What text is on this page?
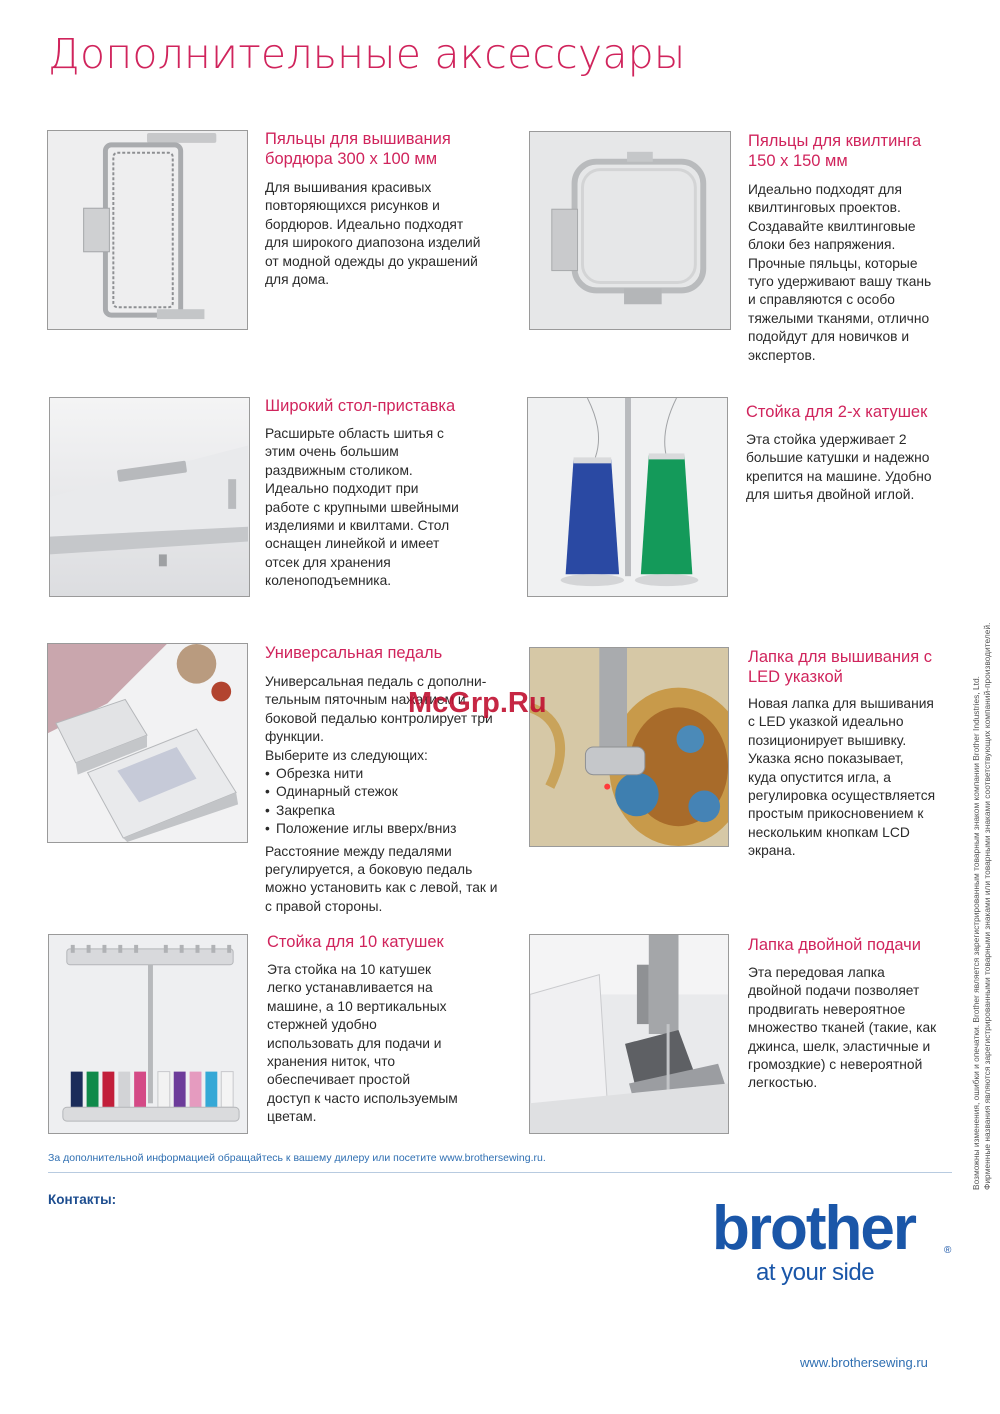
Дополнительные аксессуары
Пяльцы для вышивания
бордюра 300 х 100 мм

Для вышивания красивых

повторяющихся рисунков и

бордюров. Идеально подходят

для широкого диапозона изделий

от модной одежды до украшений

для дома.

Пяльцы для квилтинга
150 х 150 мм

Идеально подходят для

квилтинговых проектов.

Создавайте квилтинговые

блоки без напряжения.

Прочные пяльцы, которые

туго удерживают вашу ткань

и справляются с особо

тяжелыми тканями, отлично

подойдут для новичков и

экспертов.

Широкий стол-приставка

Расширьте область шитья с

этим очень большим

раздвижным столиком.

Идеально подходит при

работе с крупными швейными

изделиями и квилтами. Стол

оснащен линейкой и имеет

отсек для хранения

коленоподъемника.

Стойка для 2-х катушек

Эта стойка удерживает 2

большие катушки и надежно

крепится на машине. Удобно

для шитья двойной иглой.

Универсальная педаль

Универсальная педаль с дополни-

тельным пяточным нажатием и

боковой педалью контролирует три

функции.

Выберите из следующих:

• Обрезка нити
• Одинарный стежок
• Закрепка
• Положение иглы вверх/вниз

Расстояние между педалями

регулируется, а боковую педаль

можно установить как с левой, так и

с правой стороны.

Лапка для вышивания с
LED указкой

Новая лапка для вышивания

с LED указкой идеально

позиционирует вышивку.

Указка ясно показывает,

куда опустится игла, а

регулировка осуществляется

простым прикосновением к

нескольким кнопкам LCD

экрана.

Стойка для 10 катушек

Эта стойка на 10 катушек

легко устанавливается на

машине, а 10 вертикальных

стержней удобно

использовать для подачи и

хранения ниток, что

обеспечивает простой

доступ к часто используемым

цветам.

Лапка двойной подачи

Эта передовая лапка

двойной подачи позволяет

продвигать невероятное

множество тканей (такие, как

джинса, шелк, эластичные и

громоздкие) с невероятной

легкостью.

McGrp.Ru
За дополнительной информацией обращайтесь к вашему дилеру или посетите www.brothersewing.ru.
Контакты:	brother	®
at your side
www.brothersewing.ru
Возможны изменения, ошибки и опечатки. Brother является зарегистрированным товарным знаком компании Brother Industries, Ltd. Фирменные названия являются зарегистрированными товарными знаками или товарными знаками соответствующих компаний-производителей.
